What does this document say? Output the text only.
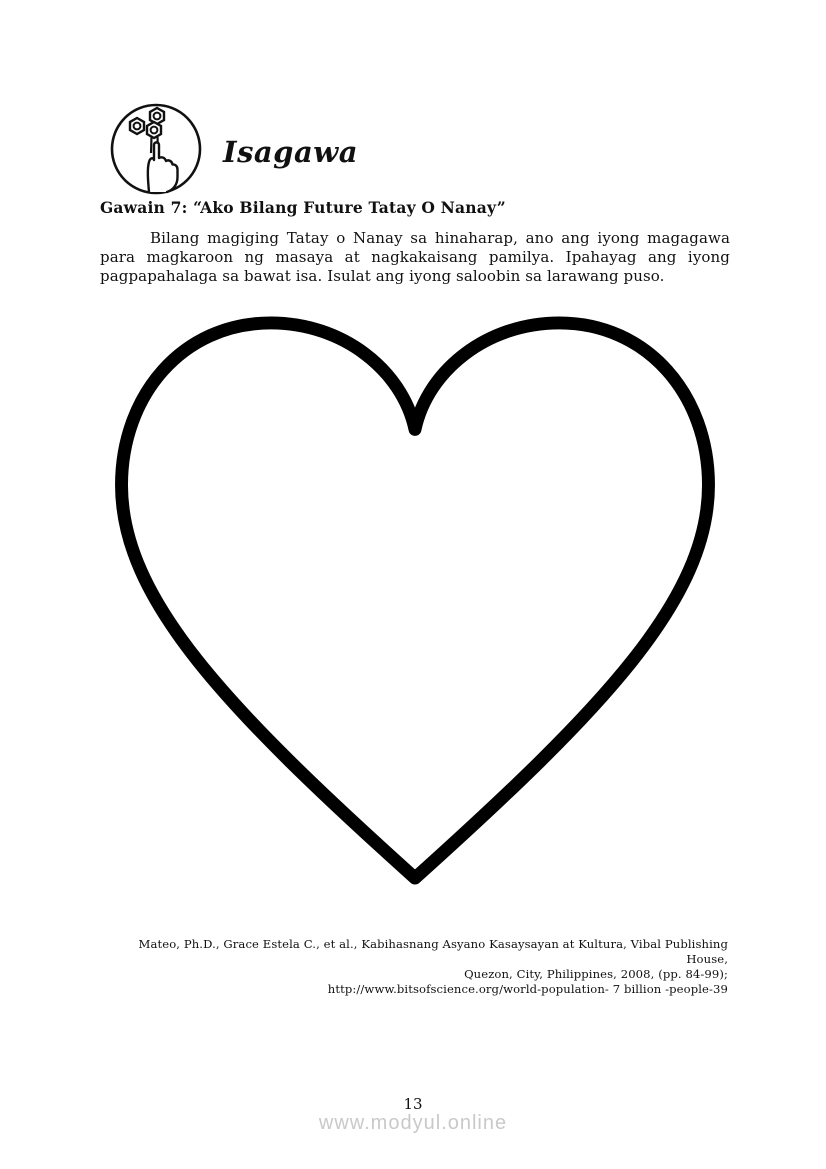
Isagawa
Gawain 7: “Ako Bilang Future Tatay O Nanay”
Bilang magiging Tatay o Nanay sa hinaharap, ano ang iyong magagawa para magkaroon ng masaya at nagkakaisang pamilya. Ipahayag ang iyong pagpapahalaga sa bawat isa. Isulat ang iyong saloobin sa larawang puso.
Mateo, Ph.D., Grace Estela C., et al., Kabihasnang Asyano Kasaysayan at Kultura, Vibal Publishing House,
Quezon, City, Philippines, 2008, (pp. 84-99);
http://www.bitsofscience.org/world-population- 7 billion -people-39
13
www.modyul.online
